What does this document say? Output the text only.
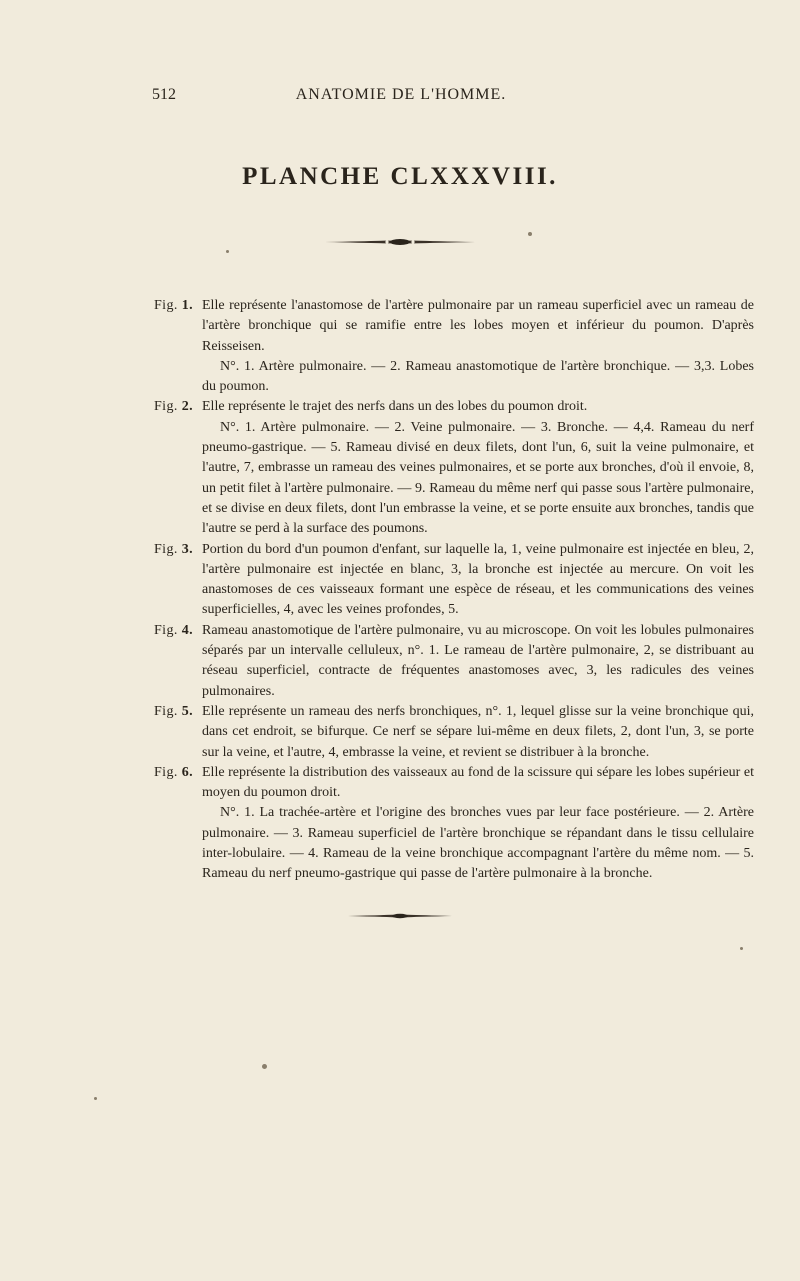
512	ANATOMIE DE L'HOMME.
PLANCHE CLXXXVIII.
Fig. 1. Elle représente l'anastomose de l'artère pulmonaire par un rameau superficiel avec un rameau de l'artère bronchique qui se ramifie entre les lobes moyen et inférieur du poumon. D'après Reisseisen.

N°. 1. Artère pulmonaire. — 2. Rameau anastomotique de l'artère bronchique. — 3,3. Lobes du poumon.

Fig. 2. Elle représente le trajet des nerfs dans un des lobes du poumon droit.

N°. 1. Artère pulmonaire. — 2. Veine pulmonaire. — 3. Bronche. — 4,4. Rameau du nerf pneumo-gastrique. — 5. Rameau divisé en deux filets, dont l'un, 6, suit la veine pulmonaire, et l'autre, 7, embrasse un rameau des veines pulmonaires, et se porte aux bronches, d'où il envoie, 8, un petit filet à l'artère pulmonaire. — 9. Rameau du même nerf qui passe sous l'artère pulmonaire, et se divise en deux filets, dont l'un embrasse la veine, et se porte ensuite aux bronches, tandis que l'autre se perd à la surface des poumons.

Fig. 3. Portion du bord d'un poumon d'enfant, sur laquelle la, 1, veine pulmonaire est injectée en bleu, 2, l'artère pulmonaire est injectée en blanc, 3, la bronche est injectée au mercure. On voit les anastomoses de ces vaisseaux formant une espèce de réseau, et les communications des veines superficielles, 4, avec les veines profondes, 5.

Fig. 4. Rameau anastomotique de l'artère pulmonaire, vu au microscope. On voit les lobules pulmonaires séparés par un intervalle celluleux, n°. 1. Le rameau de l'artère pulmonaire, 2, se distribuant au réseau superficiel, contracte de fréquentes anastomoses avec, 3, les radicules des veines pulmonaires.

Fig. 5. Elle représente un rameau des nerfs bronchiques, n°. 1, lequel glisse sur la veine bronchique qui, dans cet endroit, se bifurque. Ce nerf se sépare lui-même en deux filets, 2, dont l'un, 3, se porte sur la veine, et l'autre, 4, embrasse la veine, et revient se distribuer à la bronche.

Fig. 6. Elle représente la distribution des vaisseaux au fond de la scissure qui sépare les lobes supérieur et moyen du poumon droit.

N°. 1. La trachée-artère et l'origine des bronches vues par leur face postérieure. — 2. Artère pulmonaire. — 3. Rameau superficiel de l'artère bronchique se répandant dans le tissu cellulaire inter-lobulaire. — 4. Rameau de la veine bronchique accompagnant l'artère du même nom. — 5. Rameau du nerf pneumo-gastrique qui passe de l'artère pulmonaire à la bronche.
